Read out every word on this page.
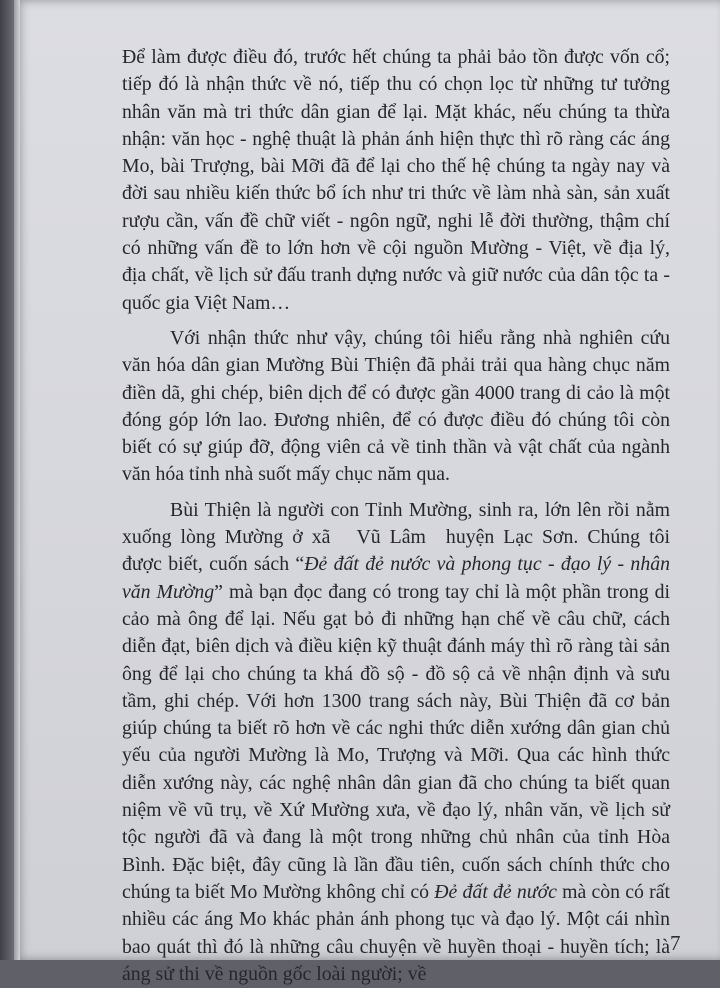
Để làm được điều đó, trước hết chúng ta phải bảo tồn được vốn cổ; tiếp đó là nhận thức về nó, tiếp thu có chọn lọc từ những tư tưởng nhân văn mà tri thức dân gian để lại. Mặt khác, nếu chúng ta thừa nhận: văn học - nghệ thuật là phản ánh hiện thực thì rõ ràng các áng Mo, bài Trượng, bài Mỡi đã để lại cho thế hệ chúng ta ngày nay và đời sau nhiều kiến thức bổ ích như tri thức về làm nhà sàn, sản xuất rượu cần, vấn đề chữ viết - ngôn ngữ, nghi lễ đời thường, thậm chí có những vấn đề to lớn hơn về cội nguồn Mường - Việt, về địa lý, địa chất, về lịch sử đấu tranh dựng nước và giữ nước của dân tộc ta - quốc gia Việt Nam…

Với nhận thức như vậy, chúng tôi hiểu rằng nhà nghiên cứu văn hóa dân gian Mường Bùi Thiện đã phải trải qua hàng chục năm điền dã, ghi chép, biên dịch để có được gần 4000 trang di cảo là một đóng góp lớn lao. Đương nhiên, để có được điều đó chúng tôi còn biết có sự giúp đỡ, động viên cả về tinh thần và vật chất của ngành văn hóa tỉnh nhà suốt mấy chục năm qua.

Bùi Thiện là người con Tỉnh Mường, sinh ra, lớn lên rồi nằm xuống lòng Mường ở xã Vũ Lâm huyện Lạc Sơn. Chúng tôi được biết, cuốn sách “Đẻ đất đẻ nước và phong tục - đạo lý - nhân văn Mường” mà bạn đọc đang có trong tay chỉ là một phần trong di cảo mà ông để lại. Nếu gạt bỏ đi những hạn chế về câu chữ, cách diễn đạt, biên dịch và điều kiện kỹ thuật đánh máy thì rõ ràng tài sản ông để lại cho chúng ta khá đồ sộ - đồ sộ cả về nhận định và sưu tầm, ghi chép. Với hơn 1300 trang sách này, Bùi Thiện đã cơ bản giúp chúng ta biết rõ hơn về các nghi thức diễn xướng dân gian chủ yếu của người Mường là Mo, Trượng và Mỡi. Qua các hình thức diễn xướng này, các nghệ nhân dân gian đã cho chúng ta biết quan niệm về vũ trụ, về Xứ Mường xưa, về đạo lý, nhân văn, về lịch sử tộc người đã và đang là một trong những chủ nhân của tỉnh Hòa Bình. Đặc biệt, đây cũng là lần đầu tiên, cuốn sách chính thức cho chúng ta biết Mo Mường không chỉ có Đẻ đất đẻ nước mà còn có rất nhiều các áng Mo khác phản ánh phong tục và đạo lý. Một cái nhìn bao quát thì đó là những câu chuyện về huyền thoại - huyền tích; là áng sử thi về nguồn gốc loài người; về

7
